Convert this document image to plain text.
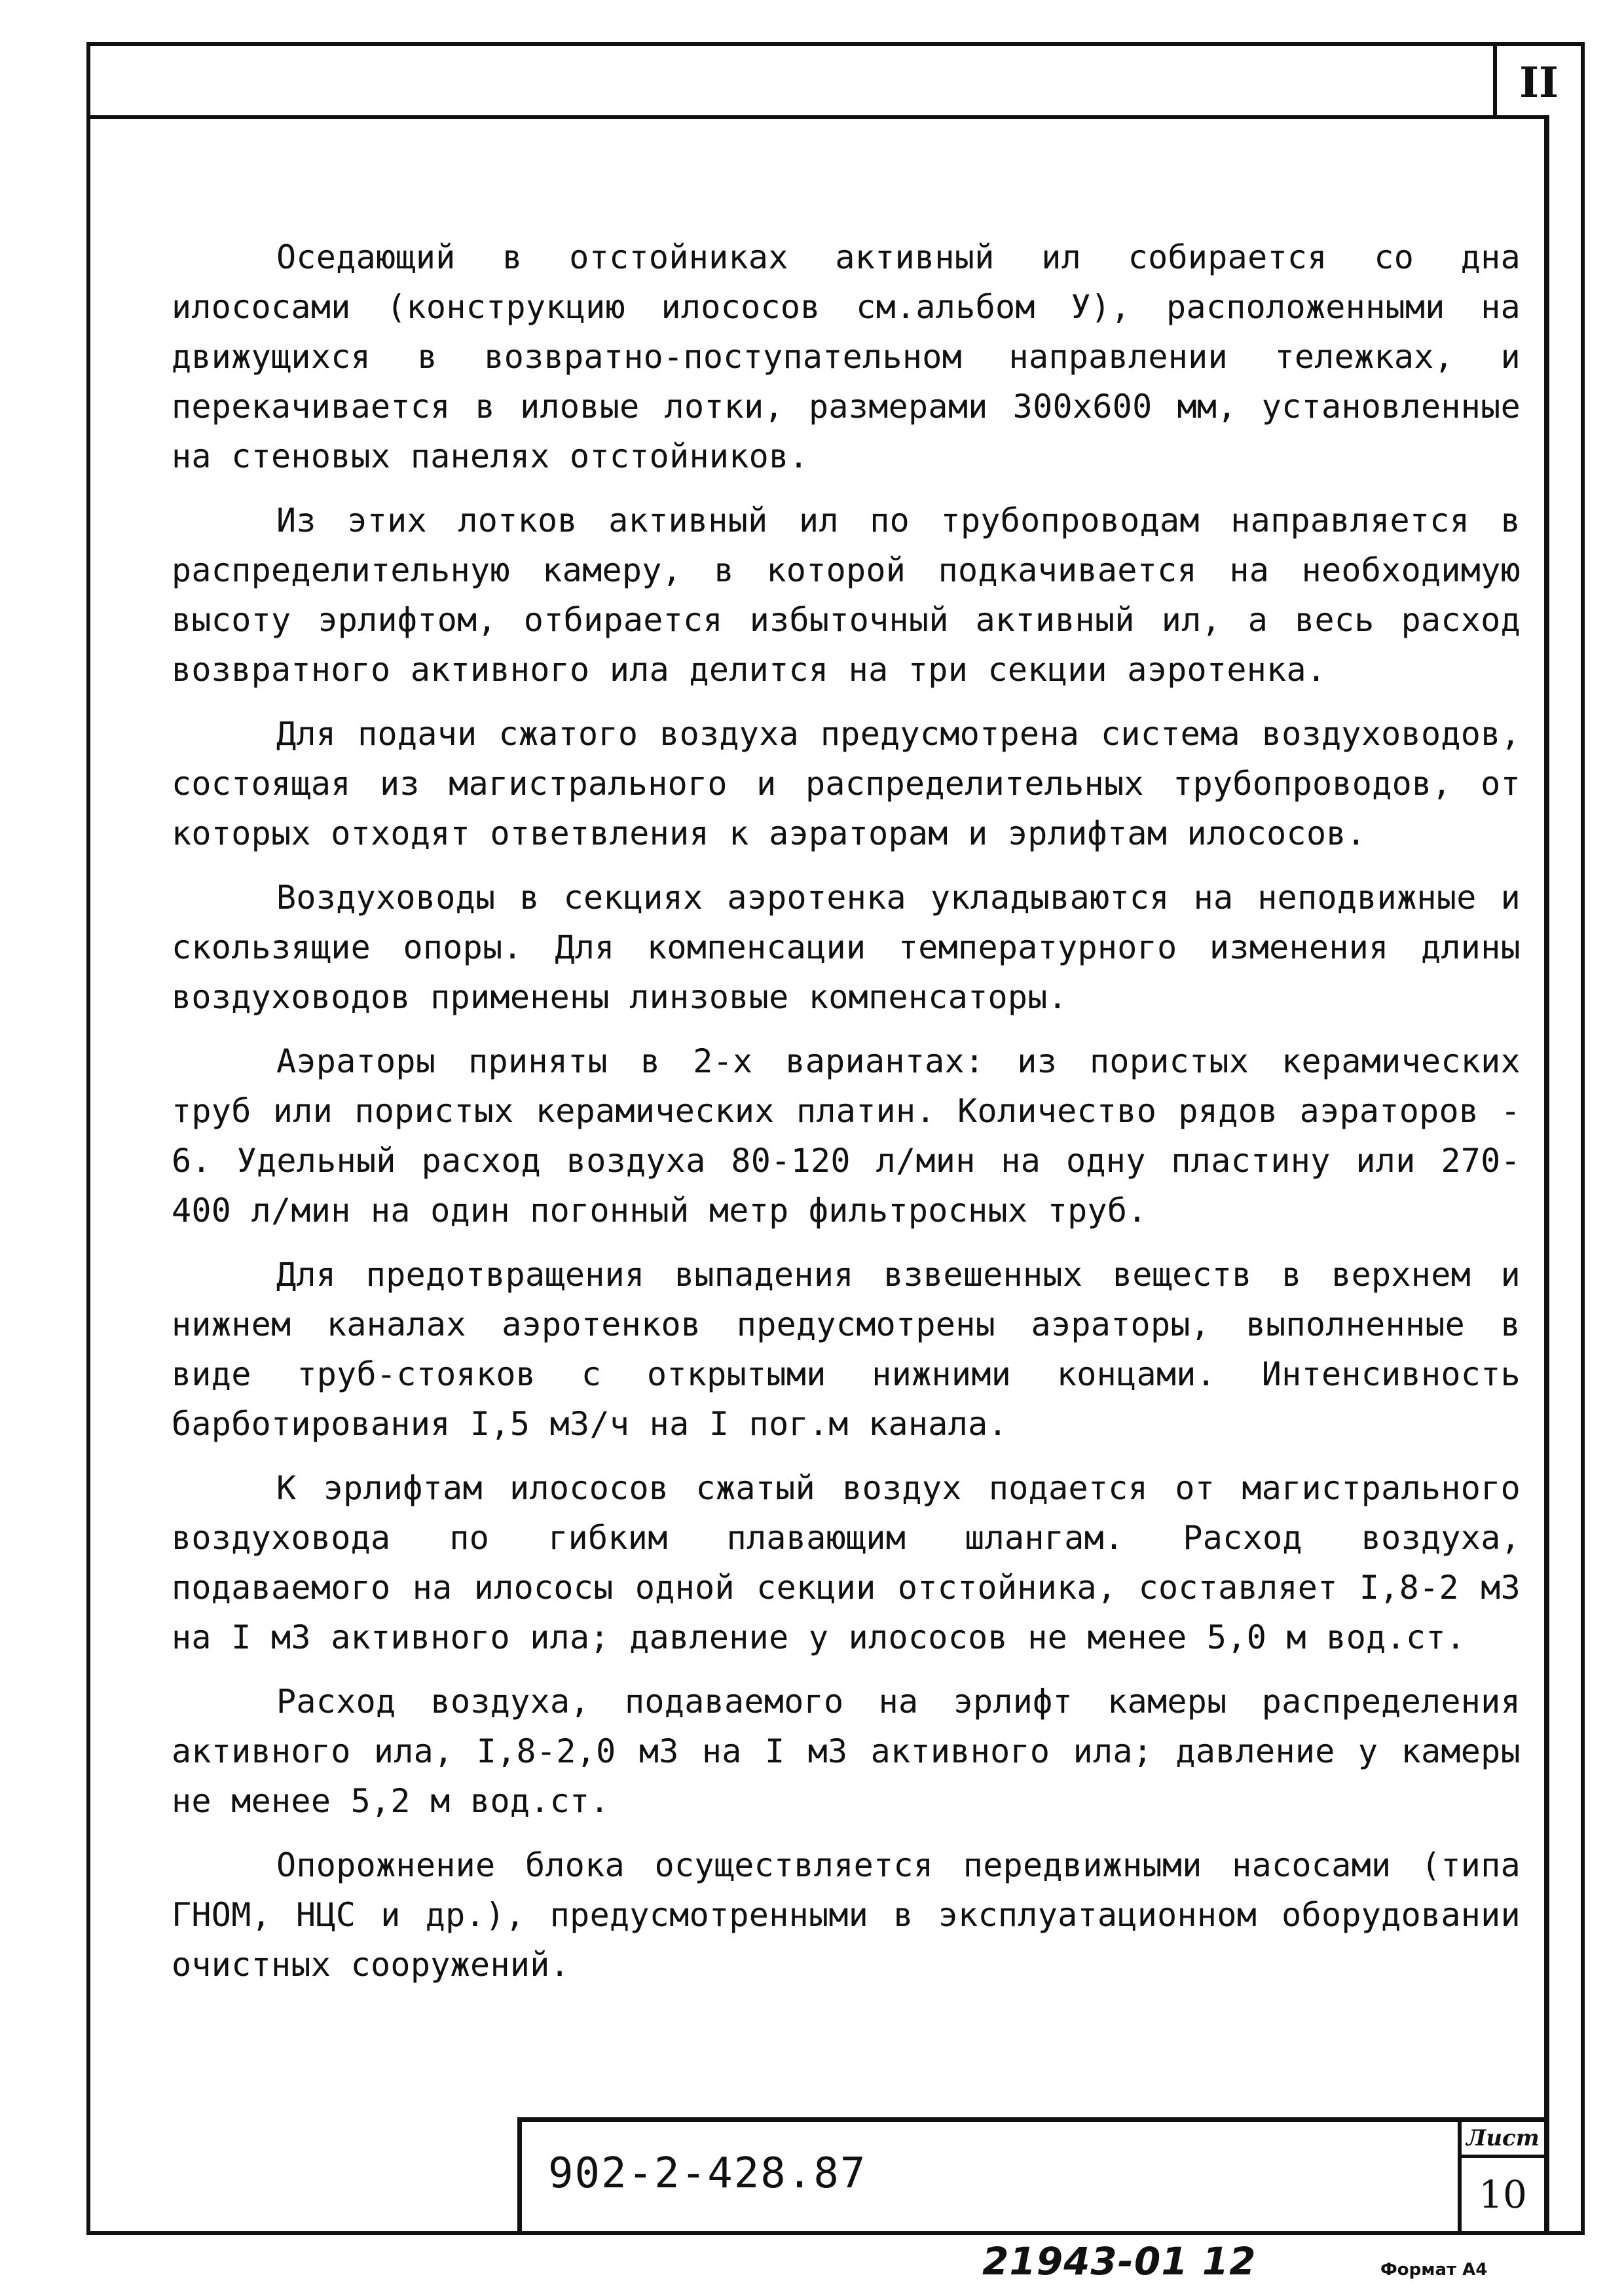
II

Оседающий в отстойниках активный ил собирается со дна илососами (конструкцию илососов см.альбом У), расположенными на движущихся в возвратно-поступательном направлении тележках, и перекачивается в иловые лотки, размерами 300х600 мм, установленные на стеновых панелях отстойников.

Из этих лотков активный ил по трубопроводам направляется в распределительную камеру, в которой подкачивается на необходимую высоту эрлифтом, отбирается избыточный активный ил, а весь расход возвратного активного ила делится на три секции аэротенка.

Для подачи сжатого воздуха предусмотрена система воздуховодов, состоящая из магистрального и распределительных трубопроводов, от которых отходят ответвления к аэраторам и эрлифтам илососов.

Воздуховоды в секциях аэротенка укладываются на неподвижные и скользящие опоры. Для компенсации температурного изменения длины воздуховодов применены линзовые компенсаторы.

Аэраторы приняты в 2-х вариантах: из пористых керамических труб или пористых керамических платин. Количество рядов аэраторов - 6. Удельный расход воздуха 80-120 л/мин на одну пластину или 270-400 л/мин на один погонный метр фильтросных труб.

Для предотвращения выпадения взвешенных веществ в верхнем и нижнем каналах аэротенков предусмотрены аэраторы, выполненные в виде труб-стояков с открытыми нижними концами. Интенсивность барботирования I,5 м3/ч на I пог.м канала.

К эрлифтам илососов сжатый воздух подается от магистрального воздуховода по гибким плавающим шлангам. Расход воздуха, подаваемого на илососы одной секции отстойника, составляет I,8-2 м3 на I м3 активного ила; давление у илососов не менее 5,0 м вод.ст.

Расход воздуха, подаваемого на эрлифт камеры распределения активного ила, I,8-2,0 м3 на I м3 активного ила; давление у камеры не менее 5,2 м вод.ст.

Опорожнение блока осуществляется передвижными насосами (типа ГНОМ, НЦС и др.), предусмотренными в эксплуатационном оборудовании очистных сооружений.

902-2-428.87
Лист
10
21943-01 12	Формат А4
